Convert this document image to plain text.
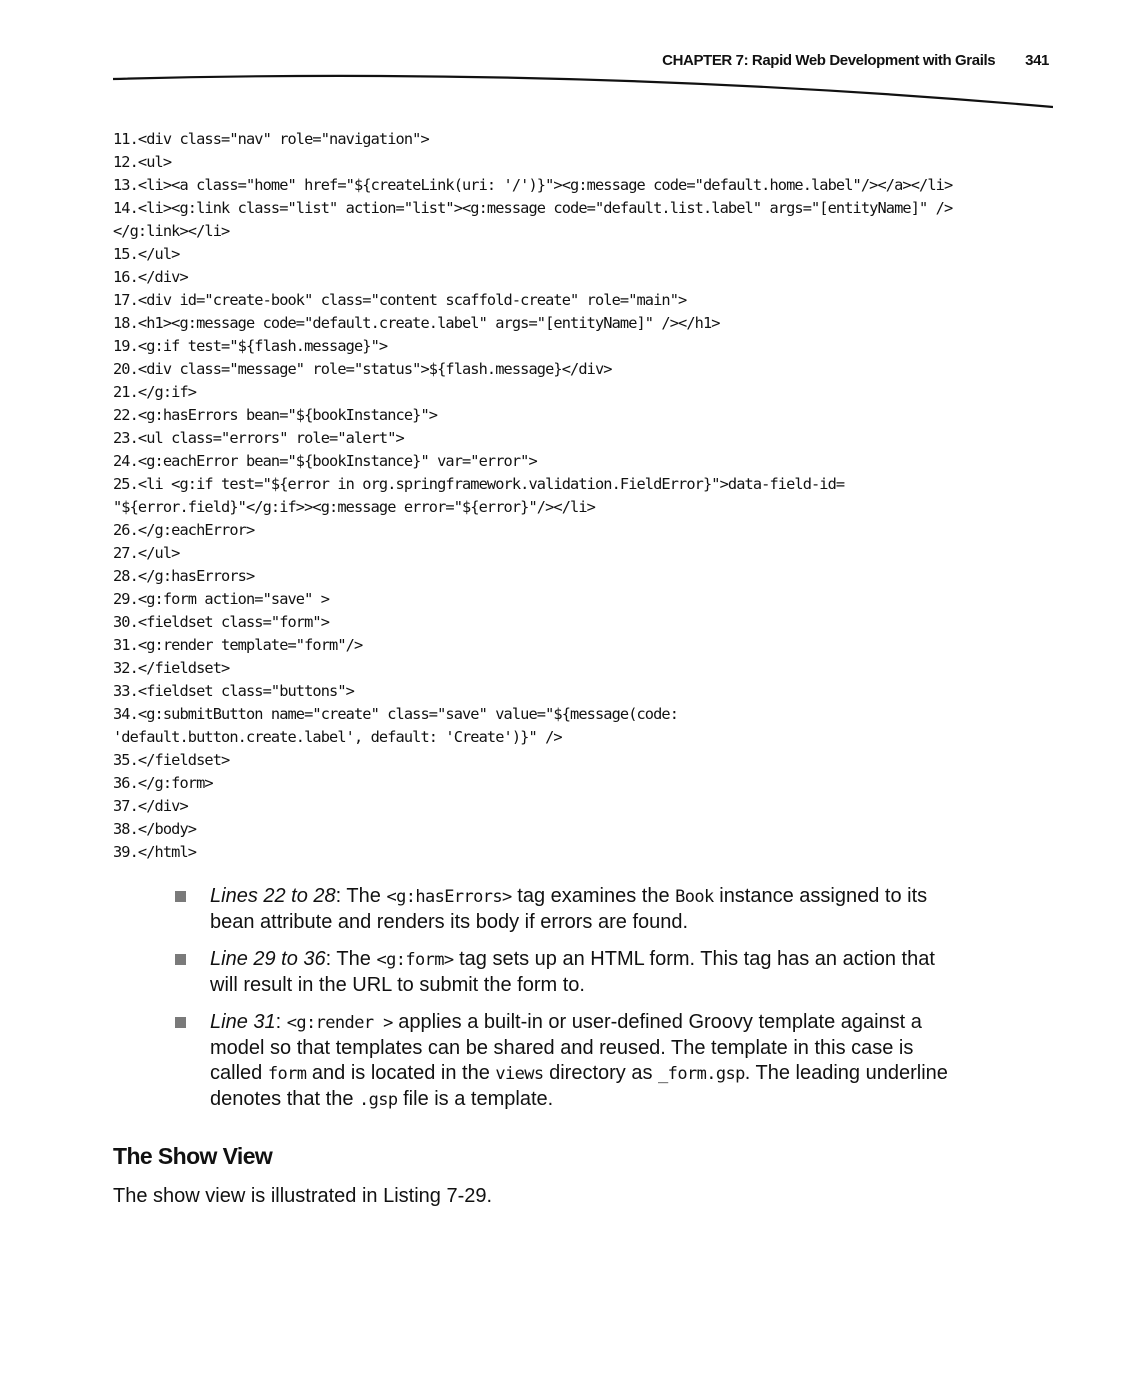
CHAPTER 7: Rapid Web Development with Grails 341
11.<div class="nav" role="navigation">
12.<ul>
13.<li><a class="home" href="${createLink(uri: '/')}"><g:message code="default.home.label"/></a></li>
14.<li><g:link class="list" action="list"><g:message code="default.list.label" args="[entityName]" />
</g:link></li>
15.</ul>
16.</div>
17.<div id="create-book" class="content scaffold-create" role="main">
18.<h1><g:message code="default.create.label" args="[entityName]" /></h1>
19.<g:if test="${flash.message}">
20.<div class="message" role="status">${flash.message}</div>
21.</g:if>
22.<g:hasErrors bean="${bookInstance}">
23.<ul class="errors" role="alert">
24.<g:eachError bean="${bookInstance}" var="error">
25.<li <g:if test="${error in org.springframework.validation.FieldError}">data-field-id=
"${error.field}"</g:if>><g:message error="${error}"/></li>
26.</g:eachError>
27.</ul>
28.</g:hasErrors>
29.<g:form action="save" >
30.<fieldset class="form">
31.<g:render template="form"/>
32.</fieldset>
33.<fieldset class="buttons">
34.<g:submitButton name="create" class="save" value="${message(code:
'default.button.create.label', default: 'Create')}" />
35.</fieldset>
36.</g:form>
37.</div>
38.</body>
39.</html>
Lines 22 to 28: The <g:hasErrors> tag examines the Book instance assigned to its bean attribute and renders its body if errors are found.
Line 29 to 36: The <g:form> tag sets up an HTML form. This tag has an action that will result in the URL to submit the form to.
Line 31: <g:render > applies a built-in or user-defined Groovy template against a model so that templates can be shared and reused. The template in this case is called form and is located in the views directory as _form.gsp. The leading underline denotes that the .gsp file is a template.
The Show View

The show view is illustrated in Listing 7-29.
